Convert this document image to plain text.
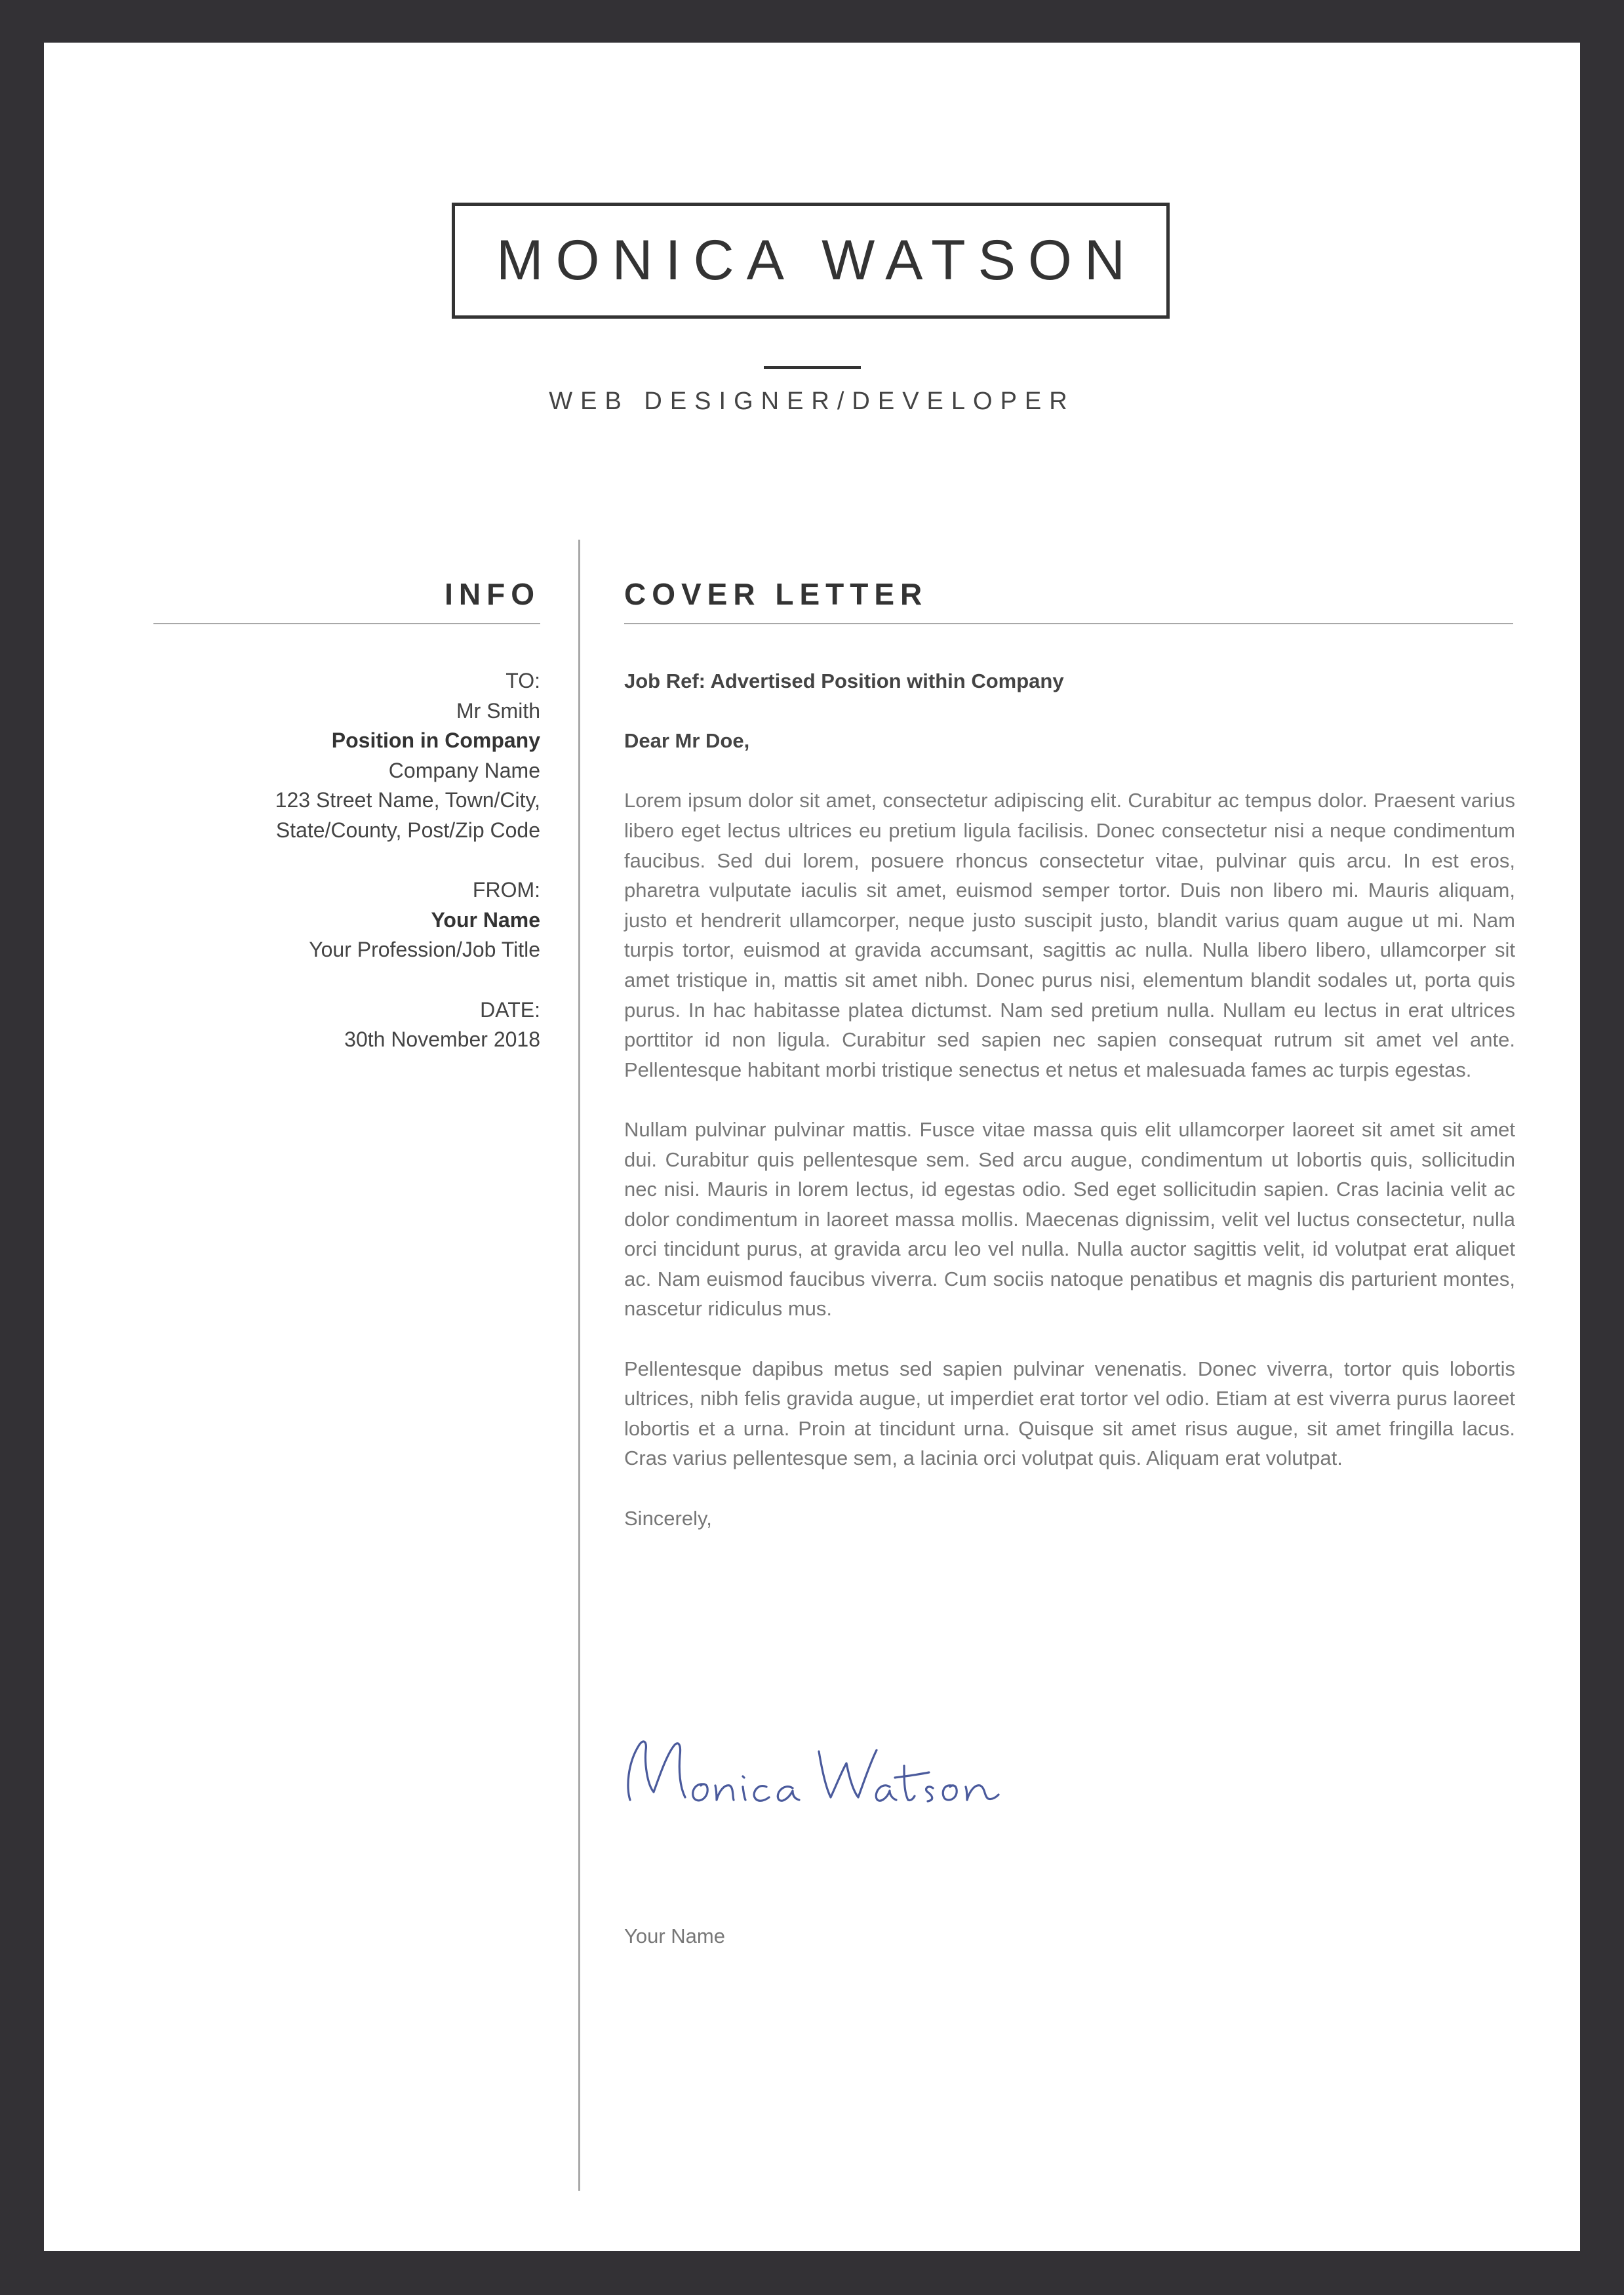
MONICA WATSON
WEB DESIGNER/DEVELOPER
INFO
TO:
Mr Smith
Position in Company
Company Name
123 Street Name, Town/City,
State/County, Post/Zip Code
FROM:
Your Name
Your Profession/Job Title
DATE:
30th November 2018
COVER LETTER

Job Ref: Advertised Position within Company

Dear Mr Doe,

Lorem ipsum dolor sit amet, consectetur adipiscing elit. Curabitur ac tempus dolor. Praesent varius libero eget lectus ultrices eu pretium ligula facilisis. Donec consectetur nisi a neque condimentum faucibus. Sed dui lorem, posuere rhoncus consectetur vitae, pulvinar quis arcu. In est eros, pharetra vulputate iaculis sit amet, euismod semper tortor. Duis non libero mi. Mauris aliquam, justo et hendrerit ullamcorper, neque justo suscipit justo, blandit varius quam augue ut mi. Nam turpis tortor, euismod at gravida accumsant, sagittis ac nulla. Nulla libero libero, ullamcorper sit amet tristique in, mattis sit amet nibh. Donec purus nisi, elementum blandit sodales ut, porta quis purus. In hac habitasse platea dictumst. Nam sed pretium nulla. Nullam eu lectus in erat ultrices porttitor id non ligula. Curabitur sed sapien nec sapien consequat rutrum sit amet vel ante. Pellentesque habitant morbi tristique senectus et netus et malesuada fames ac turpis egestas.

Nullam pulvinar pulvinar mattis. Fusce vitae massa quis elit ullamcorper laoreet sit amet sit amet dui. Curabitur quis pellentesque sem. Sed arcu augue, condimentum ut lobortis quis, sollicitudin nec nisi. Mauris in lorem lectus, id egestas odio. Sed eget sollicitudin sapien. Cras lacinia velit ac dolor condimentum in laoreet massa mollis. Maecenas dignissim, velit vel luctus consectetur, nulla orci tincidunt purus, at gravida arcu leo vel nulla. Nulla auctor sagittis velit, id volutpat erat aliquet ac. Nam euismod faucibus viverra. Cum sociis natoque penatibus et magnis dis parturient montes, nascetur ridiculus mus.

Pellentesque dapibus metus sed sapien pulvinar venenatis. Donec viverra, tortor quis lobortis ultrices, nibh felis gravida augue, ut imperdiet erat tortor vel odio. Etiam at est viverra purus laoreet lobortis et a urna. Proin at tincidunt urna. Quisque sit amet risus augue, sit amet fringilla lacus. Cras varius pellentesque sem, a lacinia orci volutpat quis. Aliquam erat volutpat.

Sincerely,

Your Name
